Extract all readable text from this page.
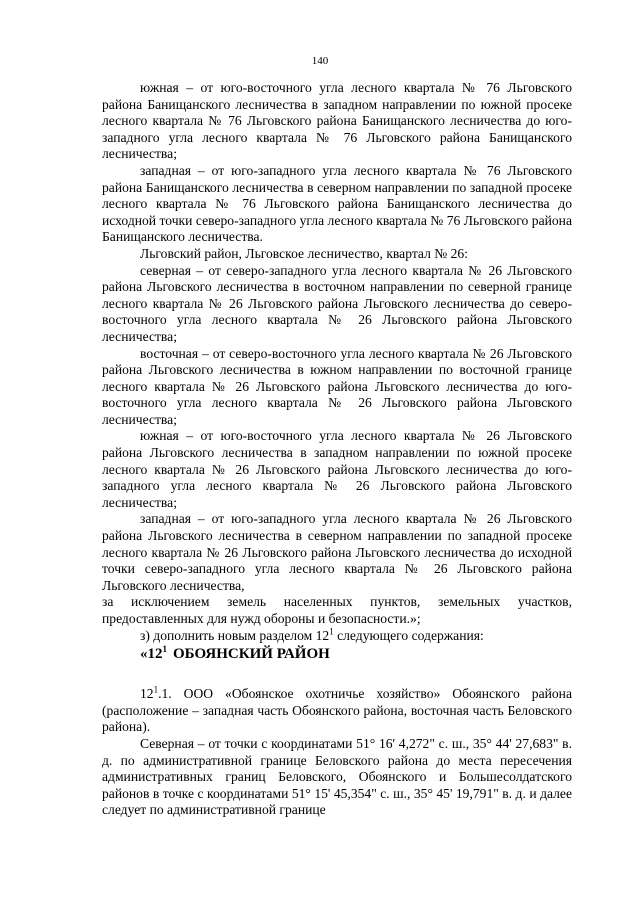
140

южная – от юго-восточного угла лесного квартала № 76 Льговского района Банищанского лесничества в западном направлении по южной просеке лесного квартала № 76 Льговского района Банищанского лесничества до юго-западного угла лесного квартала № 76 Льговского района Банищанского лесничества;

западная – от юго-западного угла лесного квартала № 76 Льговского района Банищанского лесничества в северном направлении по западной просеке лесного квартала № 76 Льговского района Банищанского лесничества до исходной точки северо-западного угла лесного квартала № 76 Льговского района Банищанского лесничества.

Льговский район, Льговское лесничество, квартал № 26:

северная – от северо-западного угла лесного квартала № 26 Льговского района Льговского лесничества в восточном направлении по северной границе лесного квартала № 26 Льговского района Льговского лесничества до северо-восточного угла лесного квартала № 26 Льговского района Льговского лесничества;

восточная – от северо-восточного угла лесного квартала № 26 Льговского района Льговского лесничества в южном направлении по восточной границе лесного квартала № 26 Льговского района Льговского лесничества до юго-восточного угла лесного квартала № 26 Льговского района Льговского лесничества;

южная – от юго-восточного угла лесного квартала № 26 Льговского района Льговского лесничества в западном направлении по южной просеке лесного квартала № 26 Льговского района Льговского лесничества до юго-западного угла лесного квартала № 26 Льговского района Льговского лесничества;

западная – от юго-западного угла лесного квартала № 26 Льговского района Льговского лесничества в северном направлении по западной просеке лесного квартала № 26 Льговского района Льговского лесничества до исходной точки северо-западного угла лесного квартала № 26 Льговского района Льговского лесничества,

за исключением земель населенных пунктов, земельных участков, предоставленных для нужд обороны и безопасности.»;

з) дополнить новым разделом $12^1$ следующего содержания:

«$12^1$ ОБОЯНСКИЙ РАЙОН

$12^1.1$. ООО «Обоянское охотничье хозяйство» Обоянского района (расположение – западная часть Обоянского района, восточная часть Беловского района).

Северная – от точки с координатами 51° 16' 4,272" с. ш., 35° 44' 27,683" в. д. по административной границе Беловского района до места пересечения административных границ Беловского, Обоянского и Большесолдатского районов в точке с координатами 51° 15' 45,354" с. ш., 35° 45' 19,791" в. д. и далее следует по административной границе
